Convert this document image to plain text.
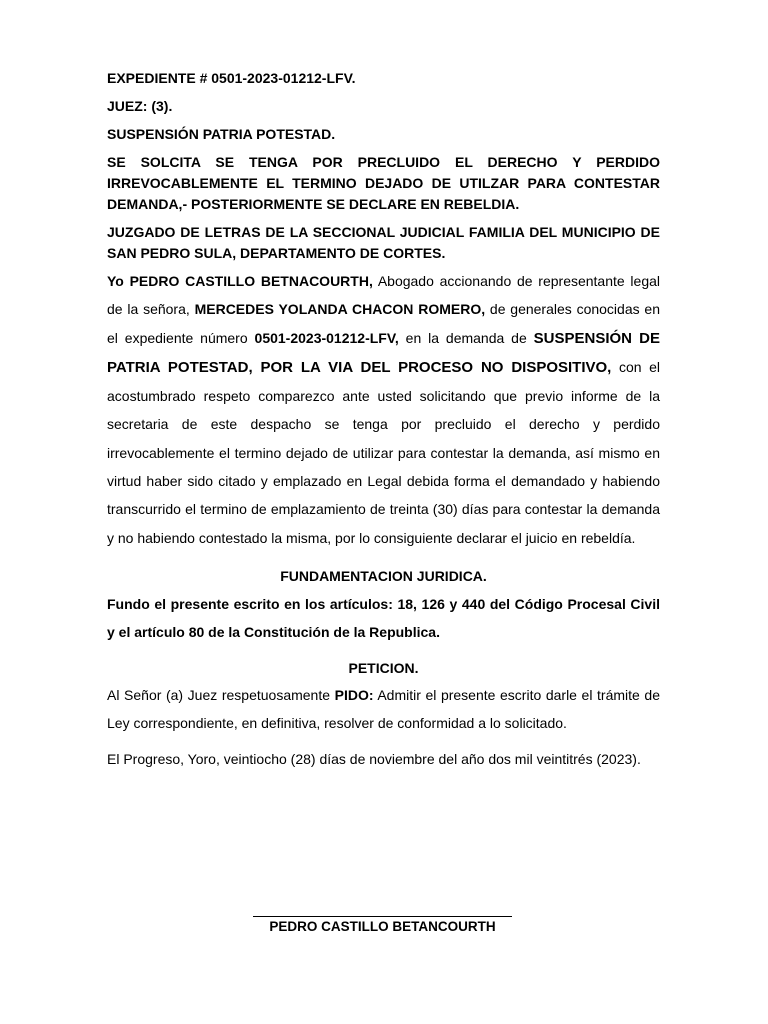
EXPEDIENTE # 0501-2023-01212-LFV.

JUEZ: (3).

SUSPENSIÓN PATRIA POTESTAD.

SE SOLCITA SE TENGA POR PRECLUIDO EL DERECHO Y PERDIDO IRREVOCABLEMENTE EL TERMINO DEJADO DE UTILZAR PARA CONTESTAR DEMANDA,- POSTERIORMENTE SE DECLARE EN REBELDIA.

JUZGADO DE LETRAS DE LA SECCIONAL JUDICIAL FAMILIA DEL MUNICIPIO DE SAN PEDRO SULA, DEPARTAMENTO DE CORTES.

Yo PEDRO CASTILLO BETNACOURTH, Abogado accionando de representante legal de la señora, MERCEDES YOLANDA CHACON ROMERO, de generales conocidas en el expediente número 0501-2023-01212-LFV, en la demanda de SUSPENSIÓN DE PATRIA POTESTAD, POR LA VIA DEL PROCESO NO DISPOSITIVO, con el acostumbrado respeto comparezco ante usted solicitando que previo informe de la secretaria de este despacho se tenga por precluido el derecho y perdido irrevocablemente el termino dejado de utilizar para contestar la demanda, así mismo en virtud haber sido citado y emplazado en Legal debida forma el demandado y habiendo transcurrido el termino de emplazamiento de treinta (30) días para contestar la demanda y no habiendo contestado la misma, por lo consiguiente declarar el juicio en rebeldía.

FUNDAMENTACION JURIDICA.

Fundo el presente escrito en los artículos: 18, 126 y 440 del Código Procesal Civil y el artículo 80 de la Constitución de la Republica.

PETICION.

Al Señor (a) Juez respetuosamente PIDO: Admitir el presente escrito darle el trámite de Ley correspondiente, en definitiva, resolver de conformidad a lo solicitado.

El Progreso, Yoro, veintiocho (28) días de noviembre del año dos mil veintitrés (2023).

PEDRO CASTILLO BETANCOURTH
